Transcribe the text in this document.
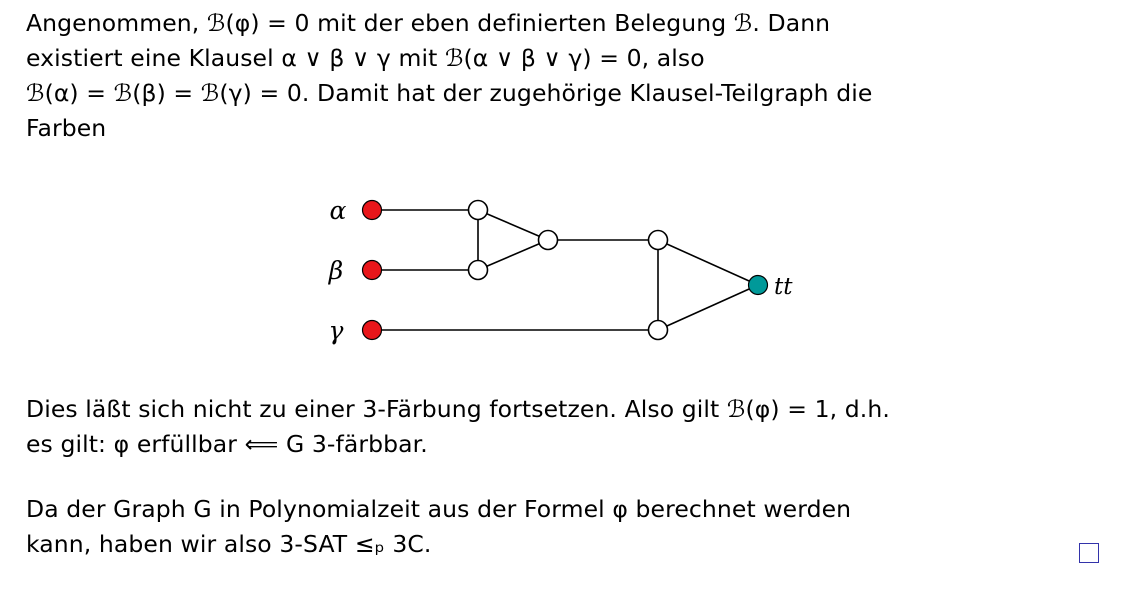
Angenommen, ℬ(φ) = 0 mit der eben definierten Belegung ℬ. Dann
existiert eine Klausel α ∨ β ∨ γ mit ℬ(α ∨ β ∨ γ) = 0, also
ℬ(α) = ℬ(β) = ℬ(γ) = 0. Damit hat der zugehörige Klausel-Teilgraph die
Farben
α
β
γ
tt
Dies läßt sich nicht zu einer 3-Färbung fortsetzen. Also gilt ℬ(φ) = 1, d.h.
es gilt: φ erfüllbar ⟸ G 3-färbbar.
Da der Graph G in Polynomialzeit aus der Formel φ berechnet werden
kann, haben wir also 3-SAT ≤ₚ 3C.
